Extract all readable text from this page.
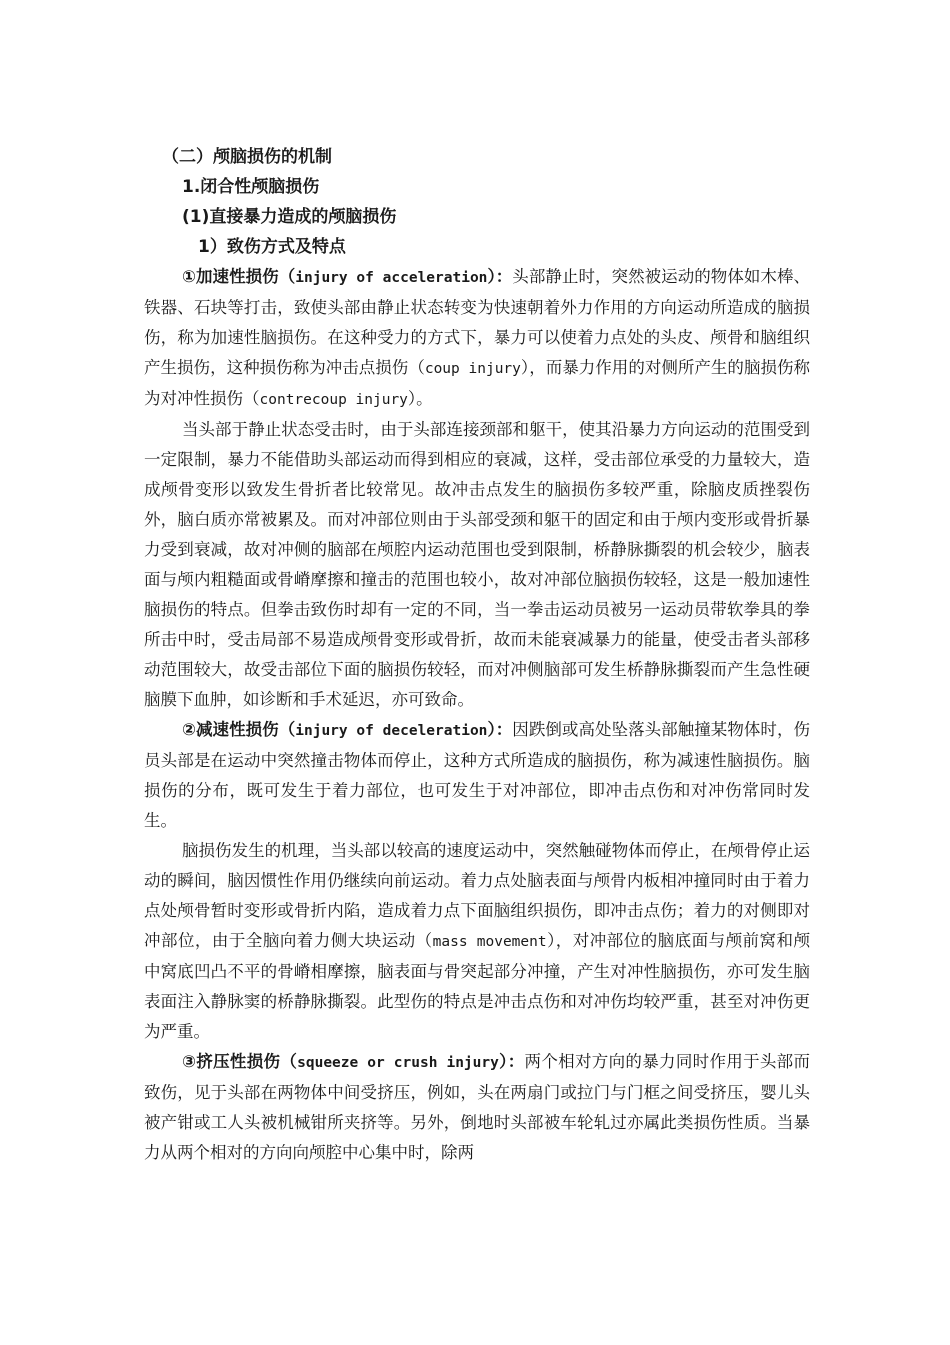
（二）颅脑损伤的机制
1.闭合性颅脑损伤
(1)直接暴力造成的颅脑损伤
1）致伤方式及特点

①加速性损伤（injury of acceleration）：头部静止时，突然被运动的物体如木棒、铁器、石块等打击，致使头部由静止状态转变为快速朝着外力作用的方向运动所造成的脑损伤，称为加速性脑损伤。在这种受力的方式下，暴力可以使着力点处的头皮、颅骨和脑组织产生损伤，这种损伤称为冲击点损伤（coup injury），而暴力作用的对侧所产生的脑损伤称为对冲性损伤（contrecoup injury）。

当头部于静止状态受击时，由于头部连接颈部和躯干，使其沿暴力方向运动的范围受到一定限制，暴力不能借助头部运动而得到相应的衰减，这样，受击部位承受的力量较大，造成颅骨变形以致发生骨折者比较常见。故冲击点发生的脑损伤多较严重，除脑皮质挫裂伤外，脑白质亦常被累及。而对冲部位则由于头部受颈和躯干的固定和由于颅内变形或骨折暴力受到衰减，故对冲侧的脑部在颅腔内运动范围也受到限制，桥静脉撕裂的机会较少，脑表面与颅内粗糙面或骨嵴摩擦和撞击的范围也较小，故对冲部位脑损伤较轻，这是一般加速性脑损伤的特点。但拳击致伤时却有一定的不同，当一拳击运动员被另一运动员带软拳具的拳所击中时，受击局部不易造成颅骨变形或骨折，故而未能衰减暴力的能量，使受击者头部移动范围较大，故受击部位下面的脑损伤较轻，而对冲侧脑部可发生桥静脉撕裂而产生急性硬脑膜下血肿，如诊断和手术延迟，亦可致命。

②减速性损伤（injury of deceleration）：因跌倒或高处坠落头部触撞某物体时，伤员头部是在运动中突然撞击物体而停止，这种方式所造成的脑损伤，称为减速性脑损伤。脑损伤的分布，既可发生于着力部位，也可发生于对冲部位，即冲击点伤和对冲伤常同时发生。

脑损伤发生的机理，当头部以较高的速度运动中，突然触碰物体而停止，在颅骨停止运动的瞬间，脑因惯性作用仍继续向前运动。着力点处脑表面与颅骨内板相冲撞同时由于着力点处颅骨暂时变形或骨折内陷，造成着力点下面脑组织损伤，即冲击点伤；着力的对侧即对冲部位，由于全脑向着力侧大块运动（mass movement），对冲部位的脑底面与颅前窝和颅中窝底凹凸不平的骨嵴相摩擦，脑表面与骨突起部分冲撞，产生对冲性脑损伤，亦可发生脑表面注入静脉窦的桥静脉撕裂。此型伤的特点是冲击点伤和对冲伤均较严重，甚至对冲伤更为严重。

③挤压性损伤（squeeze or crush injury）：两个相对方向的暴力同时作用于头部而致伤，见于头部在两物体中间受挤压，例如，头在两扇门或拉门与门框之间受挤压，婴儿头被产钳或工人头被机械钳所夹挤等。另外，倒地时头部被车轮轧过亦属此类损伤性质。当暴力从两个相对的方向向颅腔中心集中时，除两
